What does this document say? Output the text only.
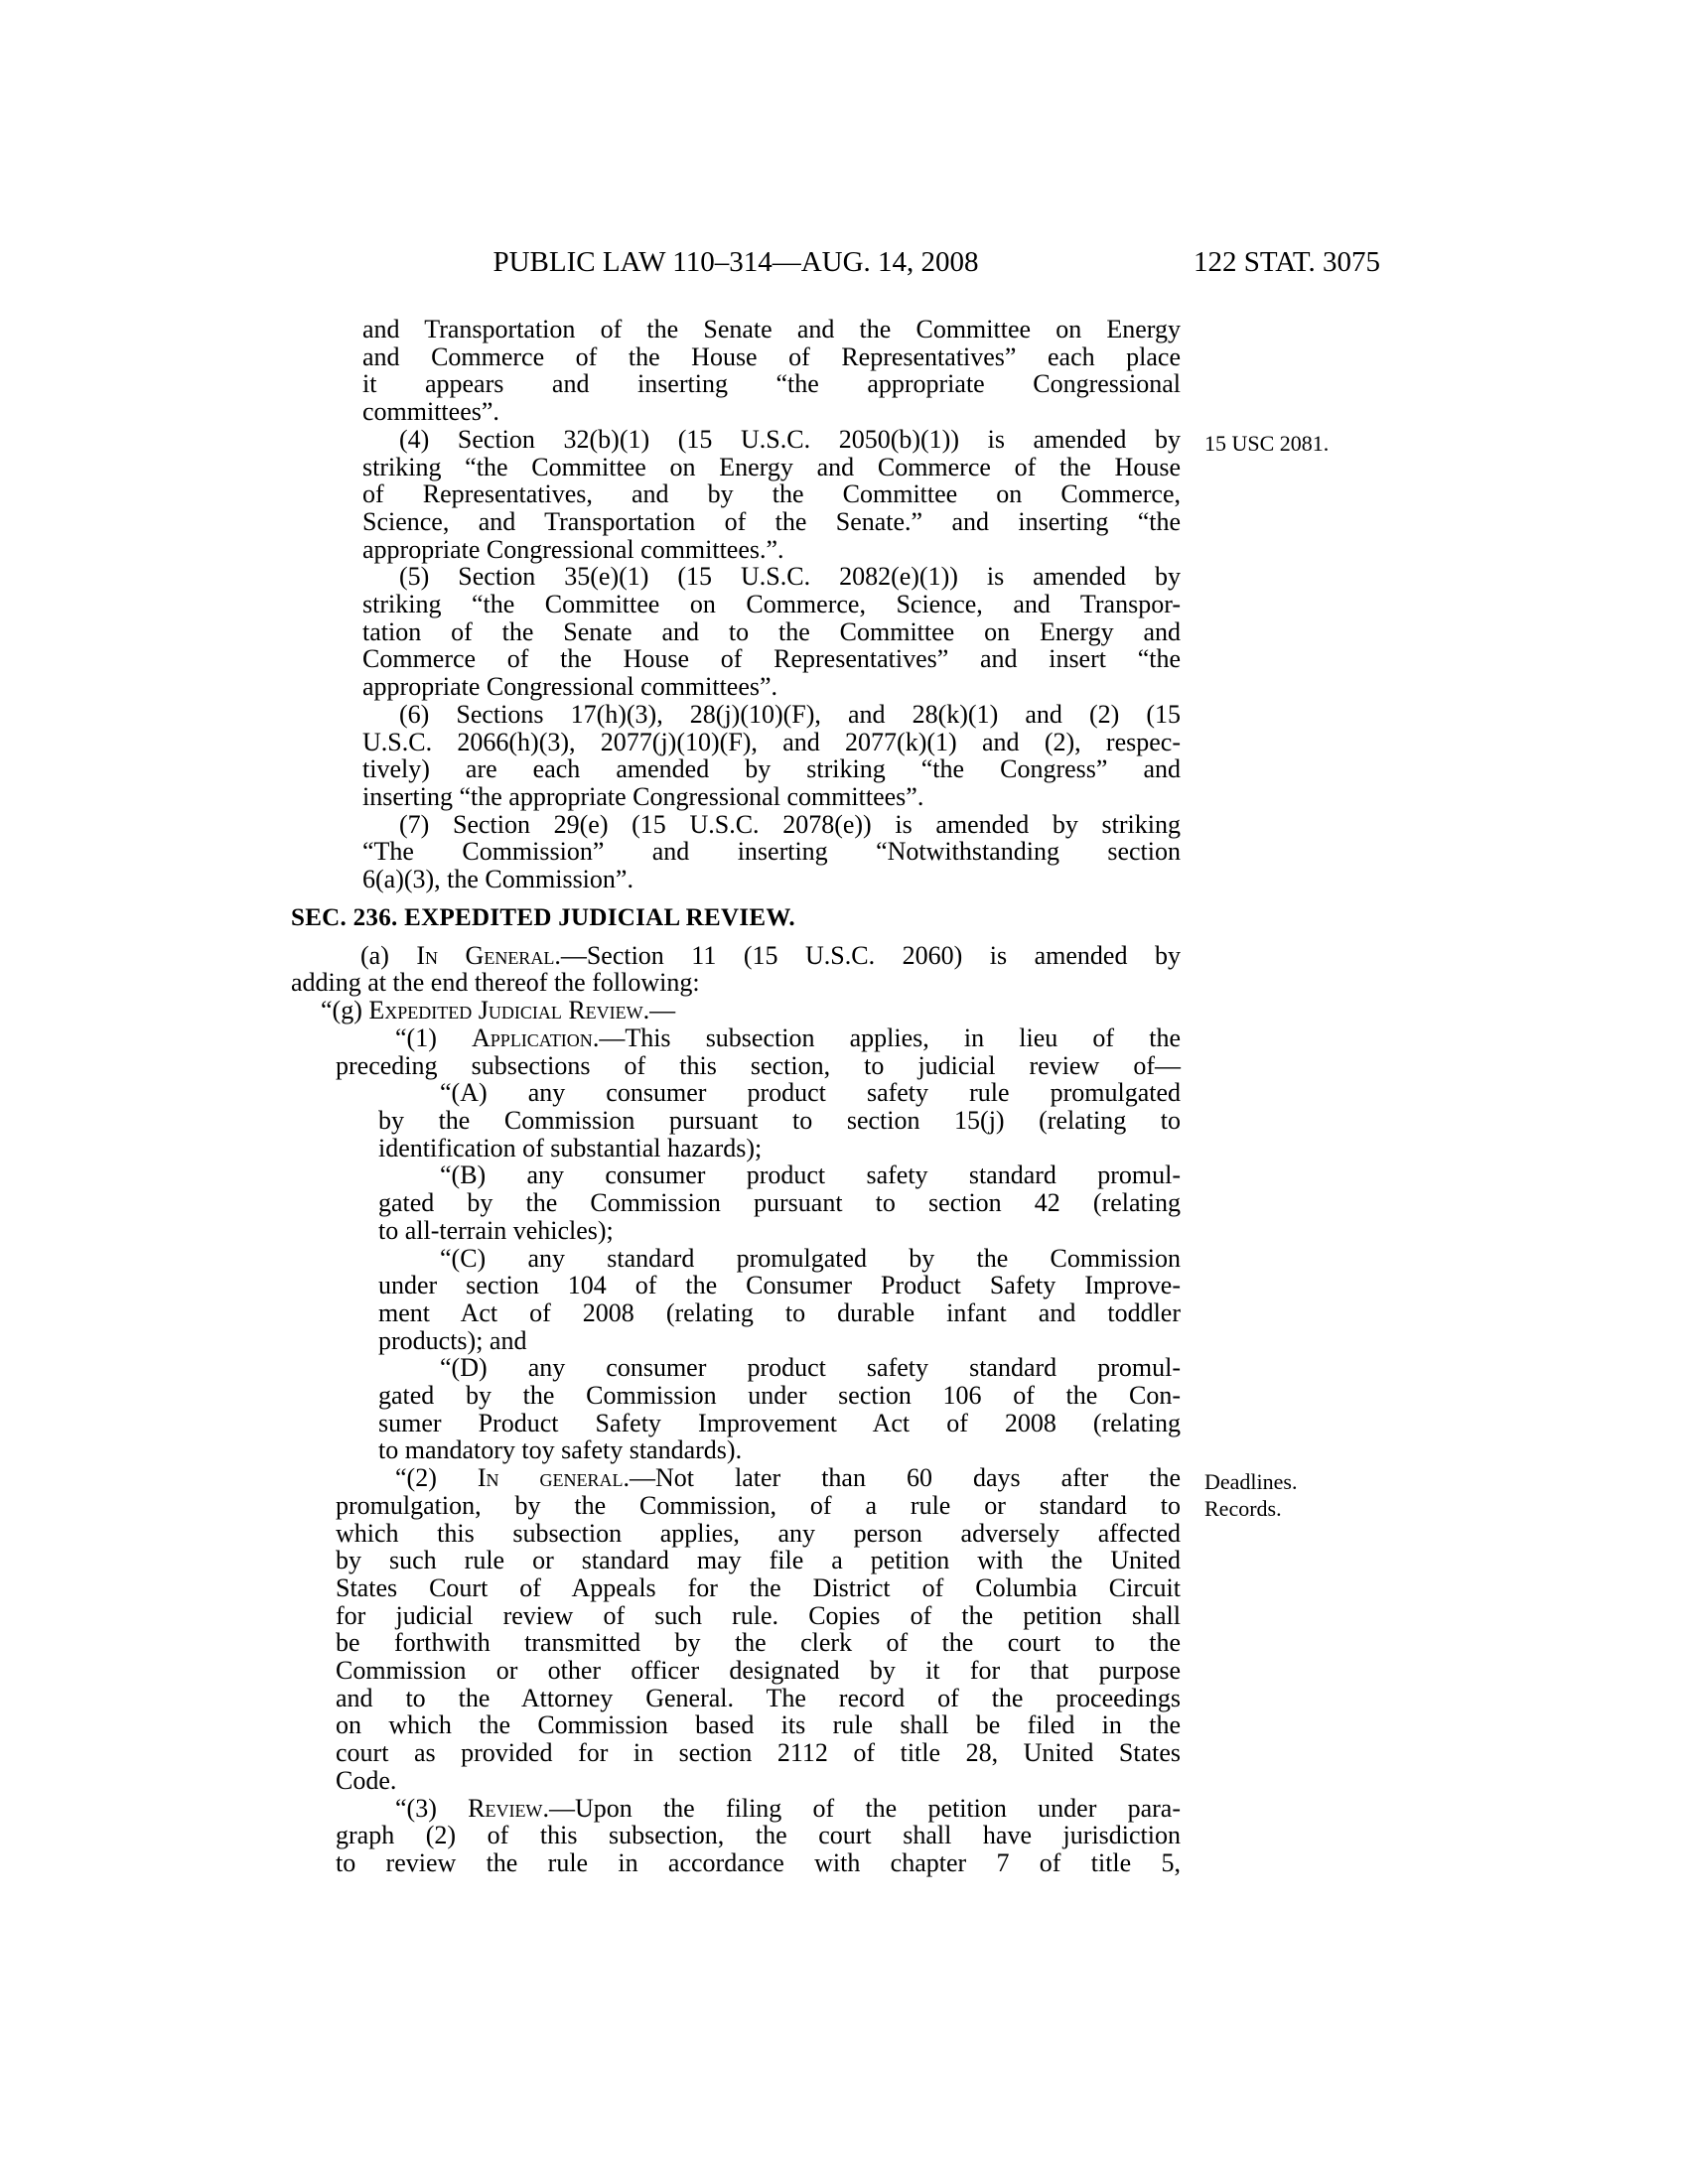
PUBLIC LAW 110–314—AUG. 14, 2008	122 STAT. 3075
and Transportation of the Senate and the Committee on Energy
and Commerce of the House of Representatives” each place
it appears and inserting “the appropriate Congressional
committees”.
(4) Section 32(b)(1) (15 U.S.C. 2050(b)(1)) is amended by
striking “the Committee on Energy and Commerce of the House
of Representatives, and by the Committee on Commerce,
Science, and Transportation of the Senate.” and inserting “the
appropriate Congressional committees.”.
(5) Section 35(e)(1) (15 U.S.C. 2082(e)(1)) is amended by
striking “the Committee on Commerce, Science, and Transpor-
tation of the Senate and to the Committee on Energy and
Commerce of the House of Representatives” and insert “the
appropriate Congressional committees”.
(6) Sections 17(h)(3), 28(j)(10)(F), and 28(k)(1) and (2) (15
U.S.C. 2066(h)(3), 2077(j)(10)(F), and 2077(k)(1) and (2), respec-
tively) are each amended by striking “the Congress” and
inserting “the appropriate Congressional committees”.
(7) Section 29(e) (15 U.S.C. 2078(e)) is amended by striking
“The Commission” and inserting “Notwithstanding section
6(a)(3), the Commission”.
SEC. 236. EXPEDITED JUDICIAL REVIEW.
(a) In General.—Section 11 (15 U.S.C. 2060) is amended by
adding at the end thereof the following:
“(g) Expedited Judicial Review.—
“(1) Application.—This subsection applies, in lieu of the
preceding subsections of this section, to judicial review of—
“(A) any consumer product safety rule promulgated
by the Commission pursuant to section 15(j) (relating to
identification of substantial hazards);
“(B) any consumer product safety standard promul-
gated by the Commission pursuant to section 42 (relating
to all-terrain vehicles);
“(C) any standard promulgated by the Commission
under section 104 of the Consumer Product Safety Improve-
ment Act of 2008 (relating to durable infant and toddler
products); and
“(D) any consumer product safety standard promul-
gated by the Commission under section 106 of the Con-
sumer Product Safety Improvement Act of 2008 (relating
to mandatory toy safety standards).
“(2) In general.—Not later than 60 days after the
promulgation, by the Commission, of a rule or standard to
which this subsection applies, any person adversely affected
by such rule or standard may file a petition with the United
States Court of Appeals for the District of Columbia Circuit
for judicial review of such rule. Copies of the petition shall
be forthwith transmitted by the clerk of the court to the
Commission or other officer designated by it for that purpose
and to the Attorney General. The record of the proceedings
on which the Commission based its rule shall be filed in the
court as provided for in section 2112 of title 28, United States
Code.
“(3) Review.—Upon the filing of the petition under para-
graph (2) of this subsection, the court shall have jurisdiction
to review the rule in accordance with chapter 7 of title 5,
15 USC 2081.
Deadlines.
Records.
